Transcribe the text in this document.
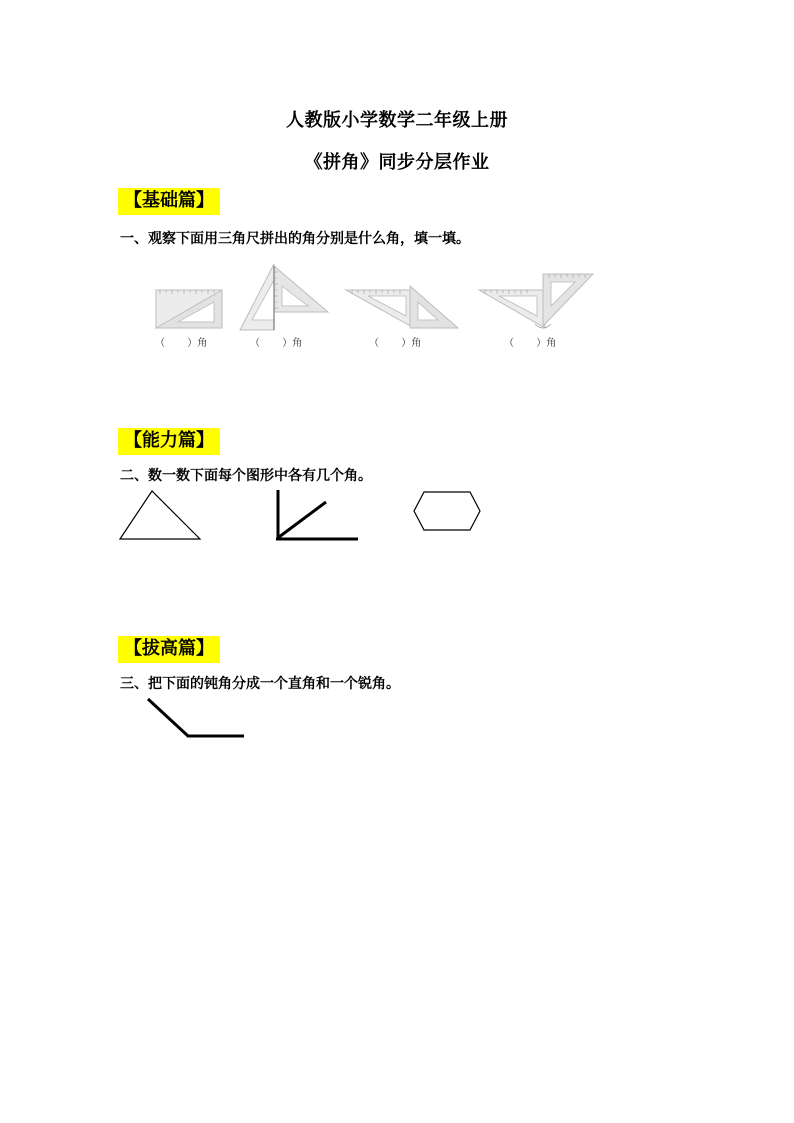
人教版小学数学二年级上册
《拼角》同步分层作业
【基础篇】
一、观察下面用三角尺拼出的角分别是什么角，填一填。
（        ）角	（        ）角	（        ）角	（        ）角
【能力篇】
二、数一数下面每个图形中各有几个角。
【拔高篇】
三、把下面的钝角分成一个直角和一个锐角。
